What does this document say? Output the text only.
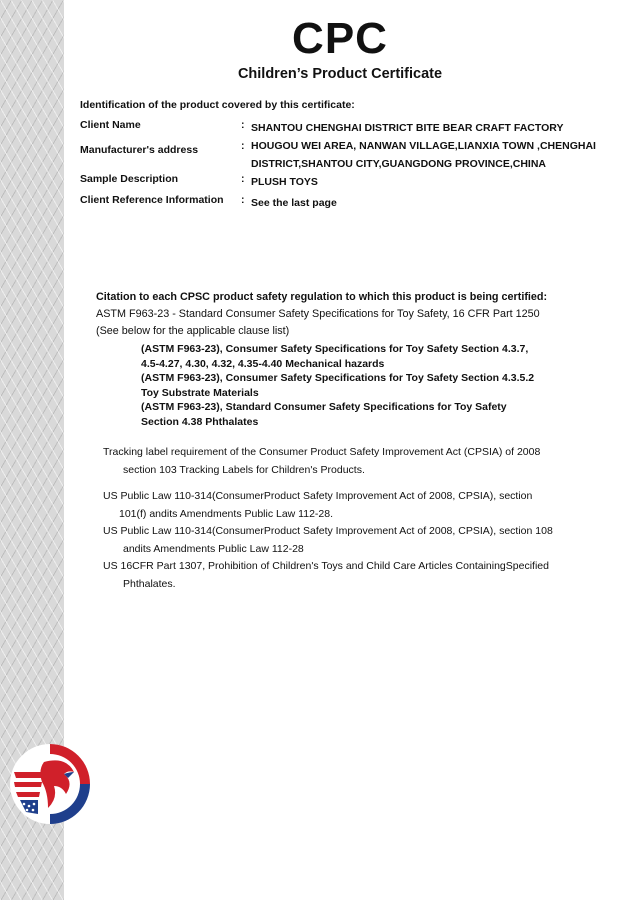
CPC
Children’s Product Certificate
Identification of the product covered by this certificate:
Client Name	: SHANTOU CHENGHAI DISTRICT BITE BEAR CRAFT FACTORY
Manufacturer's address	: HOUGOU WEI AREA, NANWAN VILLAGE,LIANXIA TOWN ,CHENGHAI
DISTRICT,SHANTOU CITY,GUANGDONG PROVINCE,CHINA
Sample Description	: PLUSH TOYS
Client Reference Information	: See the last page
Citation to each CPSC product safety regulation to which this product is being certified:
ASTM F963-23 - Standard Consumer Safety Specifications for Toy Safety, 16 CFR Part 1250
(See below for the applicable clause list)
(ASTM F963-23), Consumer Safety Specifications for Toy Safety Section 4.3.7,
4.5-4.27, 4.30, 4.32, 4.35-4.40 Mechanical hazards
(ASTM F963-23), Consumer Safety Specifications for Toy Safety Section 4.3.5.2
Toy Substrate Materials
(ASTM F963-23), Standard Consumer Safety Specifications for Toy Safety
Section 4.38 Phthalates
Tracking label requirement of the Consumer Product Safety Improvement Act (CPSIA) of 2008
section 103 Tracking Labels for Children's Products.
US Public Law 110-314(ConsumerProduct Safety Improvement Act of 2008, CPSIA), section
101(f) andits Amendments Public Law 112-28.
US Public Law 110-314(ConsumerProduct Safety Improvement Act of 2008, CPSIA), section 108
andits Amendments Public Law 112-28
US 16CFR Part 1307, Prohibition of Children's Toys and Child Care Articles ContainingSpecified
Phthalates.
